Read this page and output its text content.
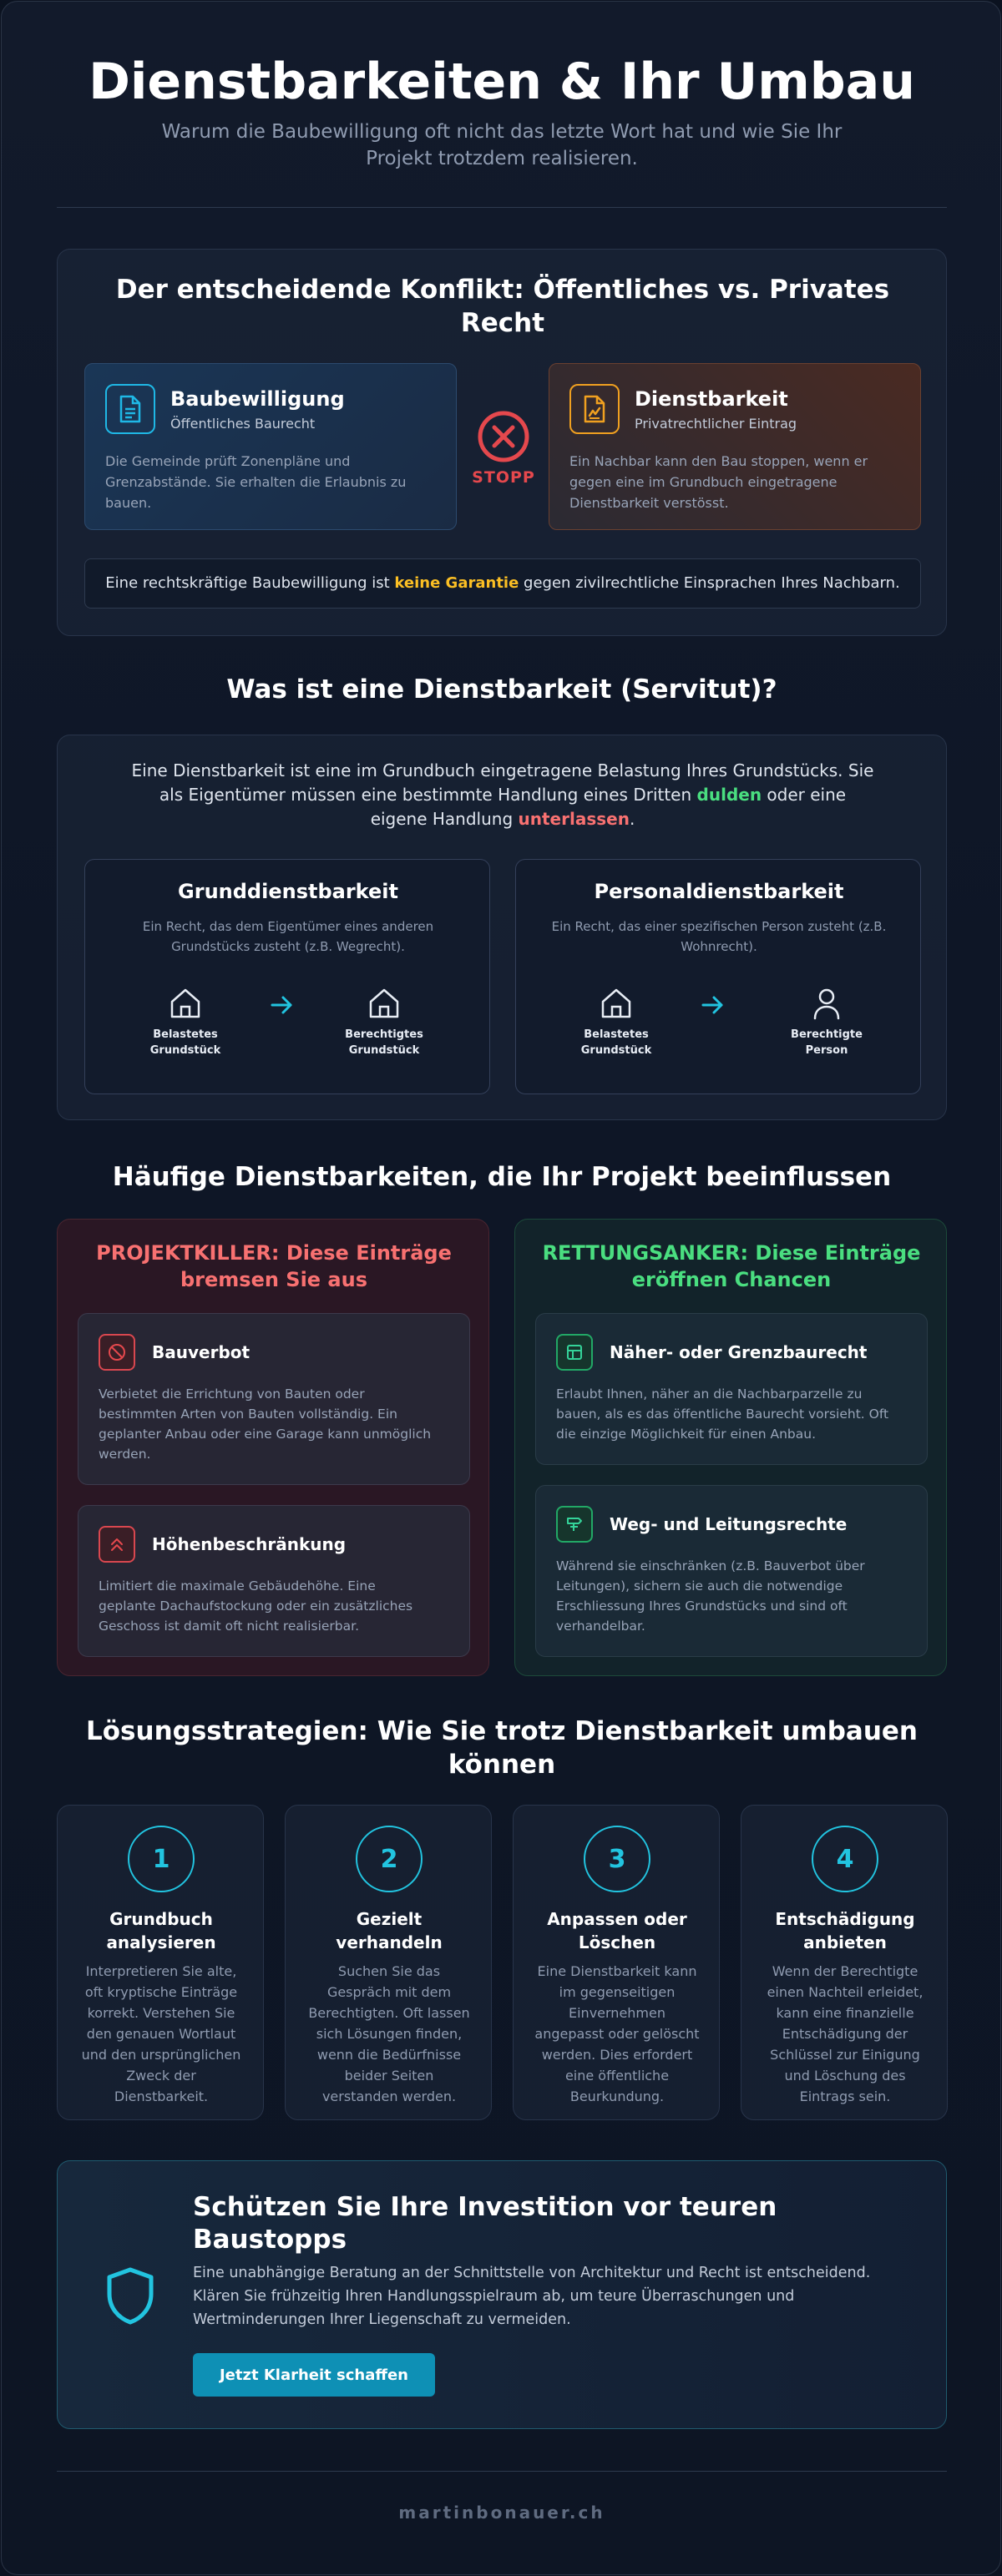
Dienstbarkeiten & Ihr Umbau
Warum die Baubewilligung oft nicht das letzte Wort hat und wie Sie Ihr
Projekt trotzdem realisieren.
Der entscheidende Konflikt: Öffentliches vs. Privates
Recht
Baubewilligung
Öffentliches Baurecht
Die Gemeinde prüft Zonenpläne und
Grenzabstände. Sie erhalten die Erlaubnis zu
bauen.
STOPP
Dienstbarkeit
Privatrechtlicher Eintrag
Ein Nachbar kann den Bau stoppen, wenn er
gegen eine im Grundbuch eingetragene
Dienstbarkeit verstösst.
Eine rechtskräftige Baubewilligung ist keine Garantie gegen zivilrechtliche Einsprachen Ihres Nachbarn.
Was ist eine Dienstbarkeit (Servitut)?
Eine Dienstbarkeit ist eine im Grundbuch eingetragene Belastung Ihres Grundstücks. Sie
als Eigentümer müssen eine bestimmte Handlung eines Dritten dulden oder eine
eigene Handlung unterlassen.
Grunddienstbarkeit
Ein Recht, das dem Eigentümer eines anderen
Grundstücks zusteht (z.B. Wegrecht).
Belastetes
Grundstück
Berechtigtes
Grundstück
Personaldienstbarkeit
Ein Recht, das einer spezifischen Person zusteht (z.B.
Wohnrecht).
Belastetes
Grundstück
Berechtigte
Person
Häufige Dienstbarkeiten, die Ihr Projekt beeinflussen
PROJEKTKILLER: Diese Einträge
bremsen Sie aus
Bauverbot
Verbietet die Errichtung von Bauten oder
bestimmten Arten von Bauten vollständig. Ein
geplanter Anbau oder eine Garage kann unmöglich
werden.
Höhenbeschränkung
Limitiert die maximale Gebäudehöhe. Eine
geplante Dachaufstockung oder ein zusätzliches
Geschoss ist damit oft nicht realisierbar.
RETTUNGSANKER: Diese Einträge
eröffnen Chancen
Näher- oder Grenzbaurecht
Erlaubt Ihnen, näher an die Nachbarparzelle zu
bauen, als es das öffentliche Baurecht vorsieht. Oft
die einzige Möglichkeit für einen Anbau.
Weg- und Leitungsrechte
Während sie einschränken (z.B. Bauverbot über
Leitungen), sichern sie auch die notwendige
Erschliessung Ihres Grundstücks und sind oft
verhandelbar.
Lösungsstrategien: Wie Sie trotz Dienstbarkeit umbauen
können
1
Grundbuch
analysieren
Interpretieren Sie alte,
oft kryptische Einträge
korrekt. Verstehen Sie
den genauen Wortlaut
und den ursprünglichen
Zweck der
Dienstbarkeit.
2
Gezielt
verhandeln
Suchen Sie das
Gespräch mit dem
Berechtigten. Oft lassen
sich Lösungen finden,
wenn die Bedürfnisse
beider Seiten
verstanden werden.
3
Anpassen oder
Löschen
Eine Dienstbarkeit kann
im gegenseitigen
Einvernehmen
angepasst oder gelöscht
werden. Dies erfordert
eine öffentliche
Beurkundung.
4
Entschädigung
anbieten
Wenn der Berechtigte
einen Nachteil erleidet,
kann eine finanzielle
Entschädigung der
Schlüssel zur Einigung
und Löschung des
Eintrags sein.
Schützen Sie Ihre Investition vor teuren
Baustopps
Eine unabhängige Beratung an der Schnittstelle von Architektur und Recht ist entscheidend.
Klären Sie frühzeitig Ihren Handlungsspielraum ab, um teure Überraschungen und
Wertminderungen Ihrer Liegenschaft zu vermeiden.
Jetzt Klarheit schaffen
martinbonauer.ch
